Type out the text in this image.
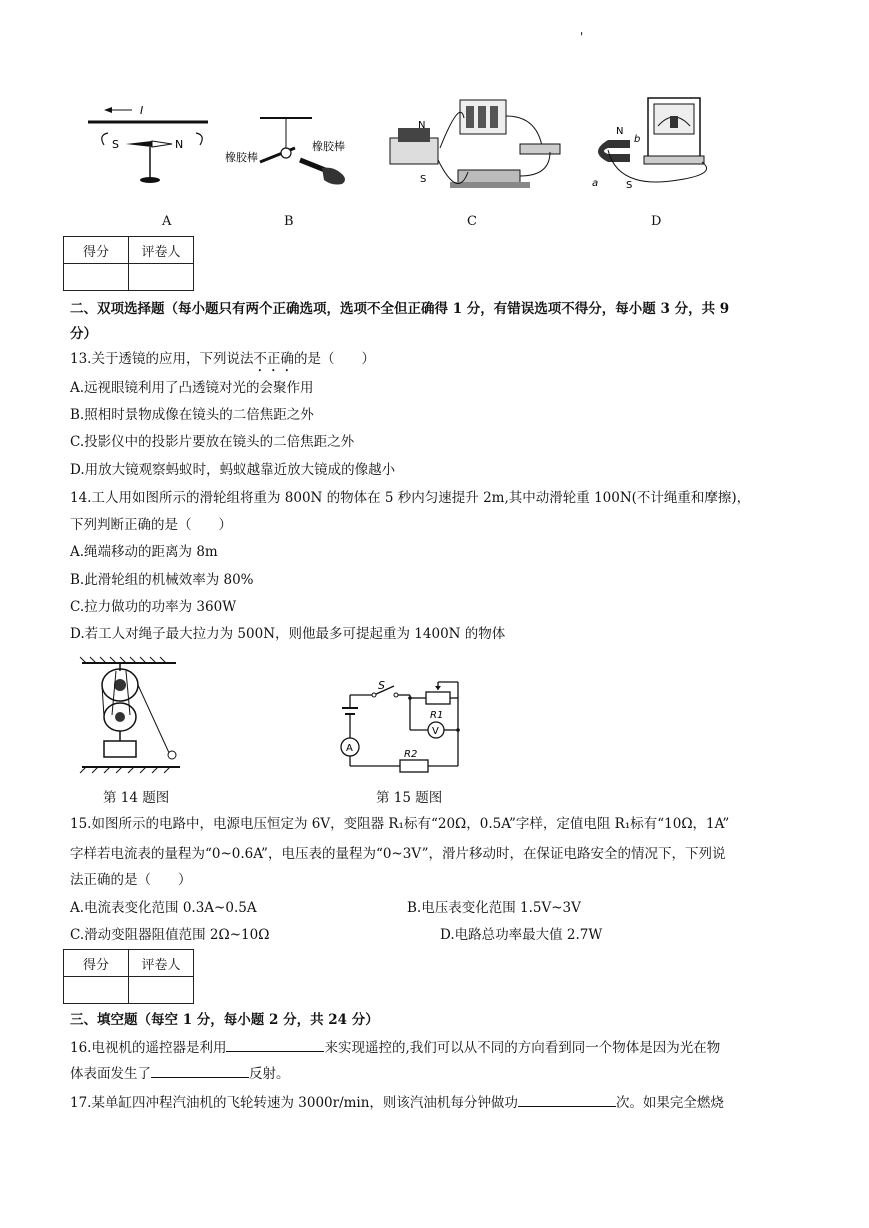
'
I
S	N
橡胶棒
橡胶棒
N
S
N
b
a	S
A	B	C	D
得分	评卷人

二、双项选择题（每小题只有两个正确选项，选项不全但正确得 1 分，有错误选项不得分，每小题 3 分，共 9
分）
13.关于透镜的应用，下列说法不正确的是（　　）
A.远视眼镜利用了凸透镜对光的会聚作用
B.照相时景物成像在镜头的二倍焦距之外
C.投影仪中的投影片要放在镜头的二倍焦距之外
D.用放大镜观察蚂蚁时，蚂蚁越靠近放大镜成的像越小
14.工人用如图所示的滑轮组将重为 800N 的物体在 5 秒内匀速提升 2m,其中动滑轮重 100N(不计绳重和摩擦)，
下列判断正确的是（　　）
A.绳端移动的距离为 8m
B.此滑轮组的机械效率为 80%
C.拉力做功的功率为 360W
D.若工人对绳子最大拉力为 500N，则他最多可提起重为 1400N 的物体
S
R1
V
A
R2
第 14 题图	第 15 题图
15.如图所示的电路中，电源电压恒定为 6V，变阻器 R₁标有“20Ω，0.5A”字样，定值电阻 R₁标有“10Ω，1A”
字样若电流表的量程为“0~0.6A”，电压表的量程为“0~3V”，滑片移动时，在保证电路安全的情况下，下列说
法正确的是（　　）
A.电流表变化范围 0.3A~0.5A	B.电压表变化范围 1.5V~3V
C.滑动变阻器阻值范围 2Ω~10Ω	D.电路总功率最大值 2.7W
得分	评卷人

三、填空题（每空 1 分，每小题 2 分，共 24 分）
16.电视机的遥控器是利用	来实现遥控的,我们可以从不同的方向看到同一个物体是因为光在物
体表面发生了	反射。
17.某单缸四冲程汽油机的飞轮转速为 3000r/min，则该汽油机每分钟做功	次。如果完全燃烧
